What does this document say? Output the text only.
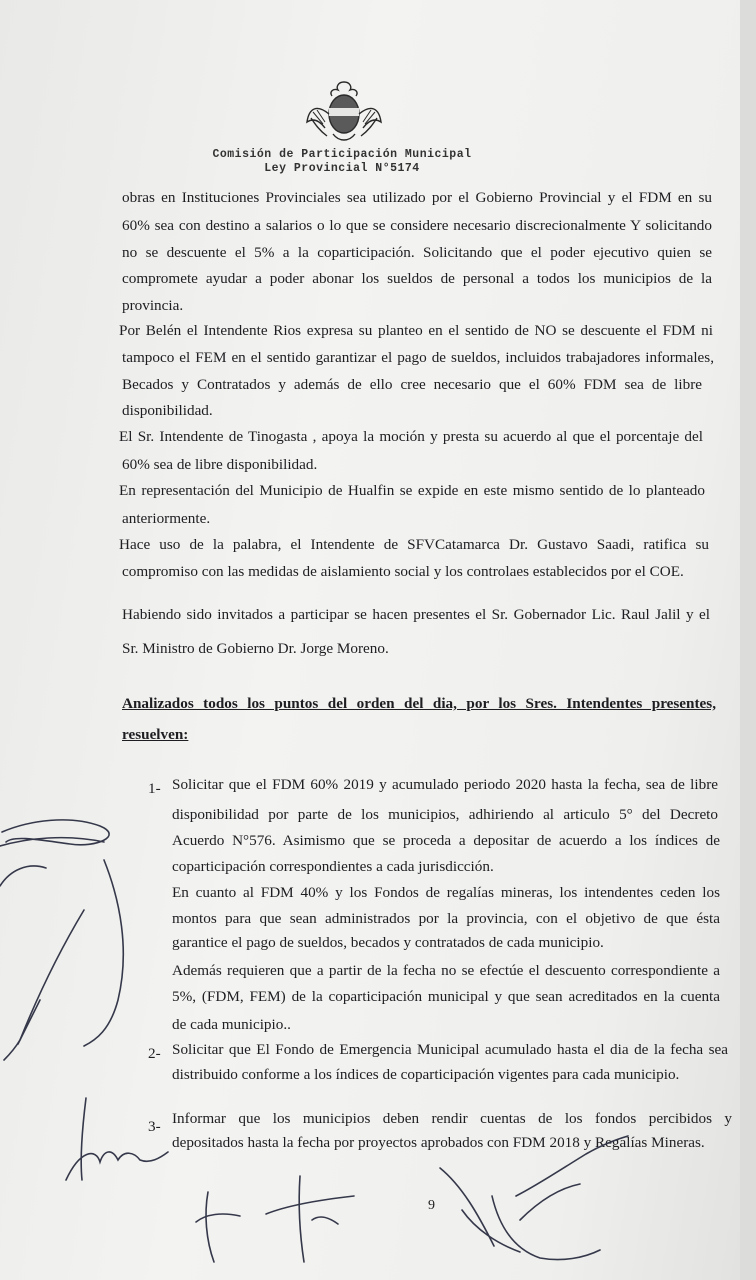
Comisión de Participación Municipal
Ley Provincial N°5174
obras en Instituciones Provinciales sea utilizado por el Gobierno Provincial y el FDM en su
60% sea con destino a salarios o lo que se considere necesario discrecionalmente Y solicitando
no se descuente el 5% a la coparticipación. Solicitando que el poder ejecutivo quien se
compromete ayudar a poder abonar los sueldos de personal a todos los municipios de la
provincia.
Por Belén el Intendente Rios expresa su planteo en el sentido de NO se descuente el FDM ni
tampoco el FEM en el sentido garantizar el pago de sueldos, incluidos trabajadores informales,
Becados y Contratados y además de ello cree necesario que el 60% FDM sea de libre
disponibilidad.
El Sr. Intendente de Tinogasta , apoya la moción y presta su acuerdo al que el porcentaje del
60% sea de libre disponibilidad.
En representación del Municipio de Hualfin se expide en este mismo sentido de lo planteado
anteriormente.
Hace uso de la palabra, el Intendente de SFVCatamarca Dr. Gustavo Saadi, ratifica su
compromiso con las medidas de aislamiento social y los controlaes establecidos por el COE.
Habiendo sido invitados a participar se hacen presentes el Sr. Gobernador Lic. Raul Jalil y el
Sr. Ministro de Gobierno Dr. Jorge Moreno.
Analizados todos los puntos del orden del dia, por los Sres. Intendentes presentes,
resuelven:
1- Solicitar que el FDM 60% 2019 y acumulado periodo 2020 hasta la fecha, sea de libre
disponibilidad por parte de los municipios, adhiriendo al articulo 5° del Decreto
Acuerdo N°576. Asimismo que se proceda a depositar de acuerdo a los índices de
coparticipación correspondientes a cada jurisdicción.
En cuanto al FDM 40% y los Fondos de regalías mineras, los intendentes ceden los
montos para que sean administrados por la provincia, con el objetivo de que ésta
garantice el pago de sueldos, becados y contratados de cada municipio.
Además requieren que a partir de la fecha no se efectúe el descuento correspondiente a
5%, (FDM, FEM) de la coparticipación municipal y que sean acreditados en la cuenta
de cada municipio..
2- Solicitar que El Fondo de Emergencia Municipal acumulado hasta el dia de la fecha sea
distribuido conforme a los índices de coparticipación vigentes para cada municipio.
3- Informar que los municipios deben rendir cuentas de los fondos percibidos y
depositados hasta la fecha por proyectos aprobados con FDM 2018 y Regalías Mineras.
9
